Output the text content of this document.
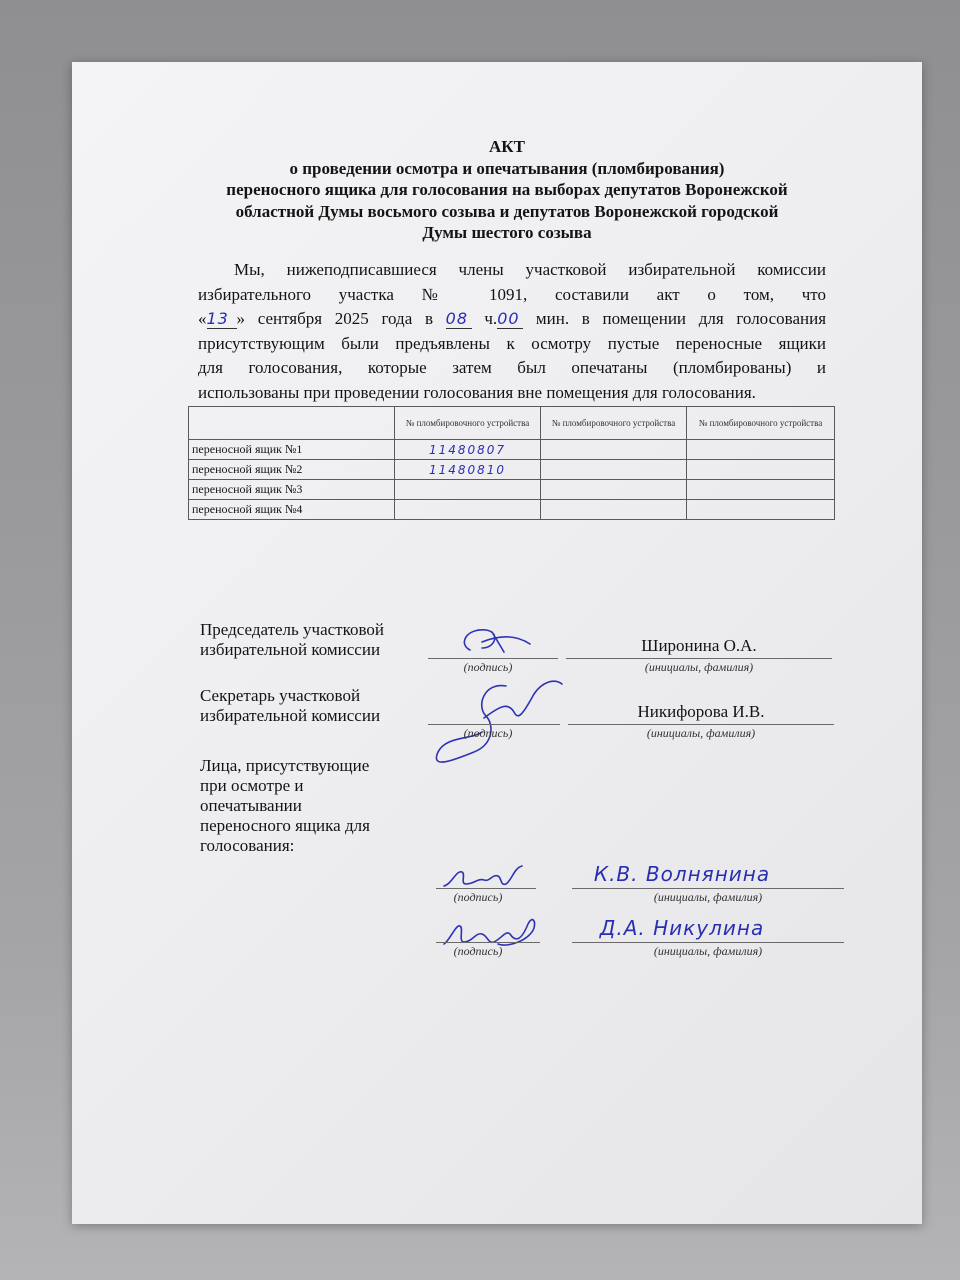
АКТ
о проведении осмотра и опечатывания (пломбирования)
переносного ящика для голосования на выборах депутатов Воронежской
областной Думы восьмого созыва и депутатов Воронежской городской
Думы шестого созыва
Мы, нижеподписавшиеся члены участковой избирательной комиссии
избирательного участка № 1091, составили акт о том, что
«13 » сентября 2025 года в 08 ч.00 мин. в помещении для голосования
присутствующим были предъявлены к осмотру пустые переносные ящики
для голосования, которые затем был опечатаны (пломбированы) и
использованы при проведении голосования вне помещения для голосования.
	№ пломбировочного устройства	№ пломбировочного устройства	№ пломбировочного устройства
переносной ящик №1	11480807		
переносной ящик №2	11480810		
переносной ящик №3			
переносной ящик №4			
Председатель участковой
избирательной комиссии
(подпись)
Широнина О.А.
(инициалы, фамилия)
Секретарь участковой
избирательной комиссии
(подпись)
Никифорова И.В.
(инициалы, фамилия)
Лица, присутствующие
при осмотре и
опечатывании
переносного ящика для
голосования:
(подпись)
К.В. Волнянина
(инициалы, фамилия)
(подпись)
Д.А. Никулина
(инициалы, фамилия)
